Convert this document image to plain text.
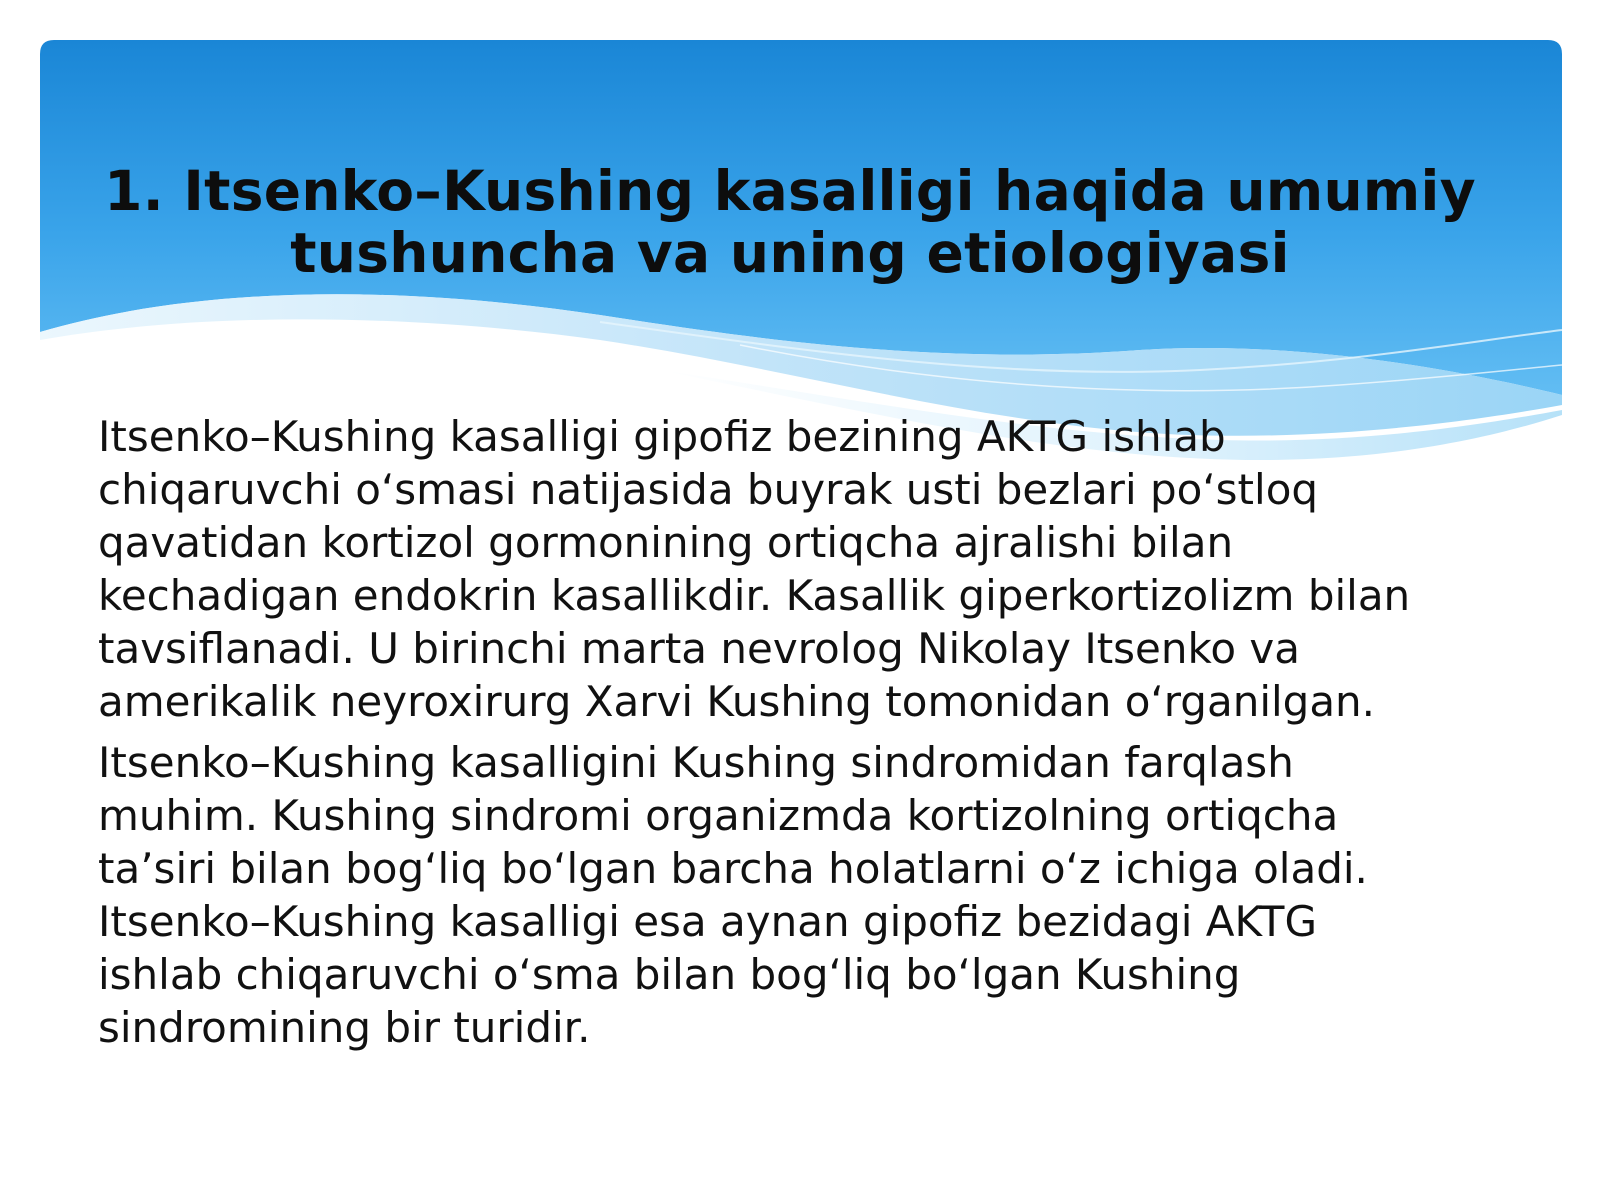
1. Itsenko–Kushing kasalligi haqida umumiy
tushuncha va uning etiologiyasi

Itsenko–Kushing kasalligi gipofiz bezining AKTG ishlab
chiqaruvchi o‘smasi natijasida buyrak usti bezlari po‘stloq
qavatidan kortizol gormonining ortiqcha ajralishi bilan
kechadigan endokrin kasallikdir. Kasallik giperkortizolizm bilan
tavsiflanadi. U birinchi marta nevrolog Nikolay Itsenko va
amerikalik neyroxirurg Xarvi Kushing tomonidan o‘rganilgan.

Itsenko–Kushing kasalligini Kushing sindromidan farqlash
muhim. Kushing sindromi organizmda kortizolning ortiqcha
ta’siri bilan bog‘liq bo‘lgan barcha holatlarni o‘z ichiga oladi.
Itsenko–Kushing kasalligi esa aynan gipofiz bezidagi AKTG
ishlab chiqaruvchi o‘sma bilan bog‘liq bo‘lgan Kushing
sindromining bir turidir.
